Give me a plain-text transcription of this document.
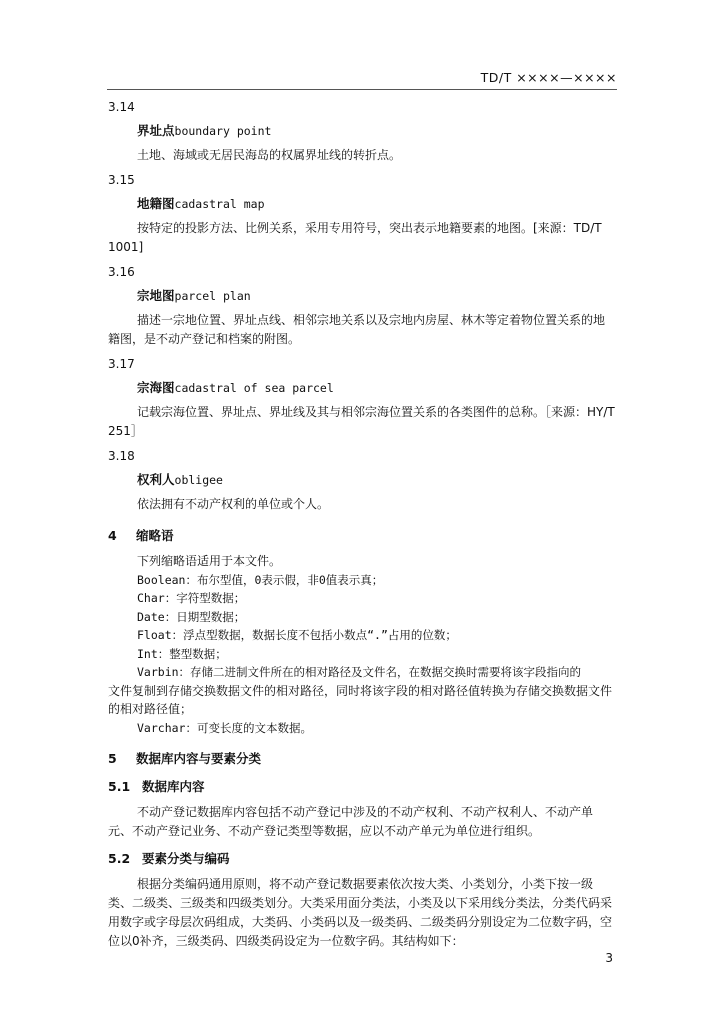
TD/T ××××—××××
3.14
界址点boundary point
土地、海域或无居民海岛的权属界址线的转折点。
3.15
地籍图cadastral map
按特定的投影方法、比例关系，采用专用符号，突出表示地籍要素的地图。[来源：TD/T 1001]
3.16
宗地图parcel plan
描述一宗地位置、界址点线、相邻宗地关系以及宗地内房屋、林木等定着物位置关系的地籍图，是不动产登记和档案的附图。
3.17
宗海图cadastral of sea parcel
记载宗海位置、界址点、界址线及其与相邻宗海位置关系的各类图件的总称。［来源：HY/T 251］
3.18
权利人obligee
依法拥有不动产权利的单位或个人。
4 缩略语
下列缩略语适用于本文件。
Boolean：布尔型值，0表示假，非0值表示真；
Char：字符型数据；
Date：日期型数据；
Float：浮点型数据，数据长度不包括小数点“.”占用的位数；
Int：整型数据；
Varbin：存储二进制文件所在的相对路径及文件名，在数据交换时需要将该字段指向的
文件复制到存储交换数据文件的相对路径，同时将该字段的相对路径值转换为存储交换数据文件的相对路径值；
Varchar：可变长度的文本数据。
5 数据库内容与要素分类
5.1 数据库内容
不动产登记数据库内容包括不动产登记中涉及的不动产权利、不动产权利人、不动产单元、不动产登记业务、不动产登记类型等数据，应以不动产单元为单位进行组织。
5.2 要素分类与编码
根据分类编码通用原则，将不动产登记数据要素依次按大类、小类划分，小类下按一级类、二级类、三级类和四级类划分。大类采用面分类法，小类及以下采用线分类法，分类代码采用数字或字母层次码组成，大类码、小类码以及一级类码、二级类码分别设定为二位数字码，空位以0补齐，三级类码、四级类码设定为一位数字码。其结构如下：
3
